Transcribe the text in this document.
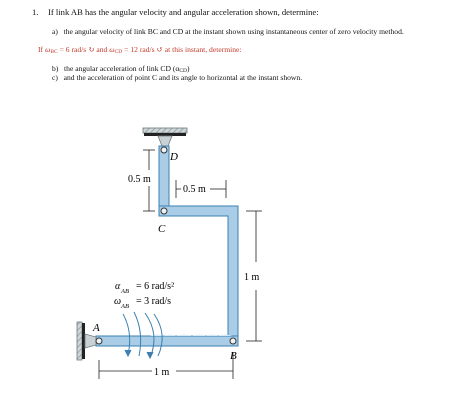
1. If link AB has the angular velocity and angular acceleration shown, determine:
a) the angular velocity of link BC and CD at the instant shown using instantaneous center of zero velocity method.
If ωBC = 6 rad/s ↻ and ωCD = 12 rad/s ↺ at this instant, determine:
b) the angular acceleration of link CD (αCD)
c) and the acceleration of point C and its angle to horizontal at the instant shown.
D
C
A
B
0.5 m
0.5 m
1 m
1 m
α AB = 6 rad/s²
ω AB = 3 rad/s
